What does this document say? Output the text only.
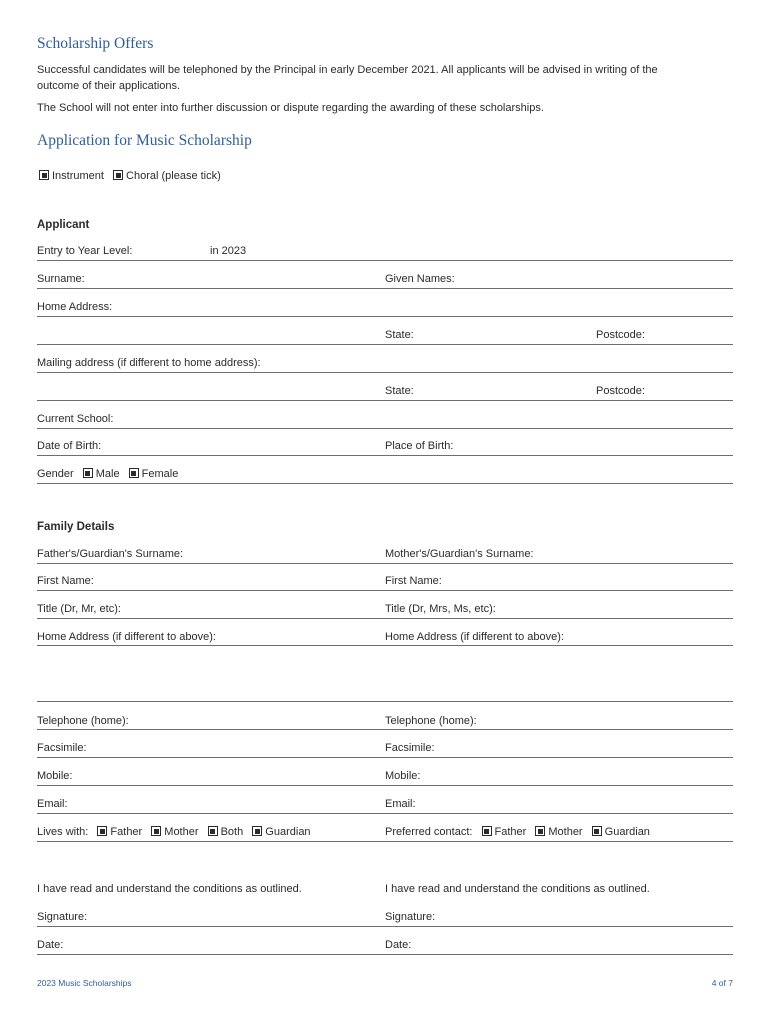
Scholarship Offers
Successful candidates will be telephoned by the Principal in early December 2021. All applicants will be advised in writing of the outcome of their applications.
The School will not enter into further discussion or dispute regarding the awarding of these scholarships.
Application for Music Scholarship
Instrument Choral (please tick)
Applicant
Entry to Year Level:	in 2023
Surname:	Given Names:
Home Address:
State:	Postcode:
Mailing address (if different to home address):
State:	Postcode:
Current School:
Date of Birth:	Place of Birth:
Gender Male Female
Family Details
Father's/Guardian's Surname:	Mother's/Guardian's Surname:
First Name:	First Name:
Title (Dr, Mr, etc):	Title (Dr, Mrs, Ms, etc):
Home Address (if different to above):	Home Address (if different to above):
Telephone (home):	Telephone (home):
Facsimile:	Facsimile:
Mobile:	Mobile:
Email:	Email:
Lives with: Father Mother Both Guardian	Preferred contact: Father Mother Guardian
I have read and understand the conditions as outlined.	I have read and understand the conditions as outlined.
Signature:	Signature:
Date:	Date:
2023 Music Scholarships	4 of 7
